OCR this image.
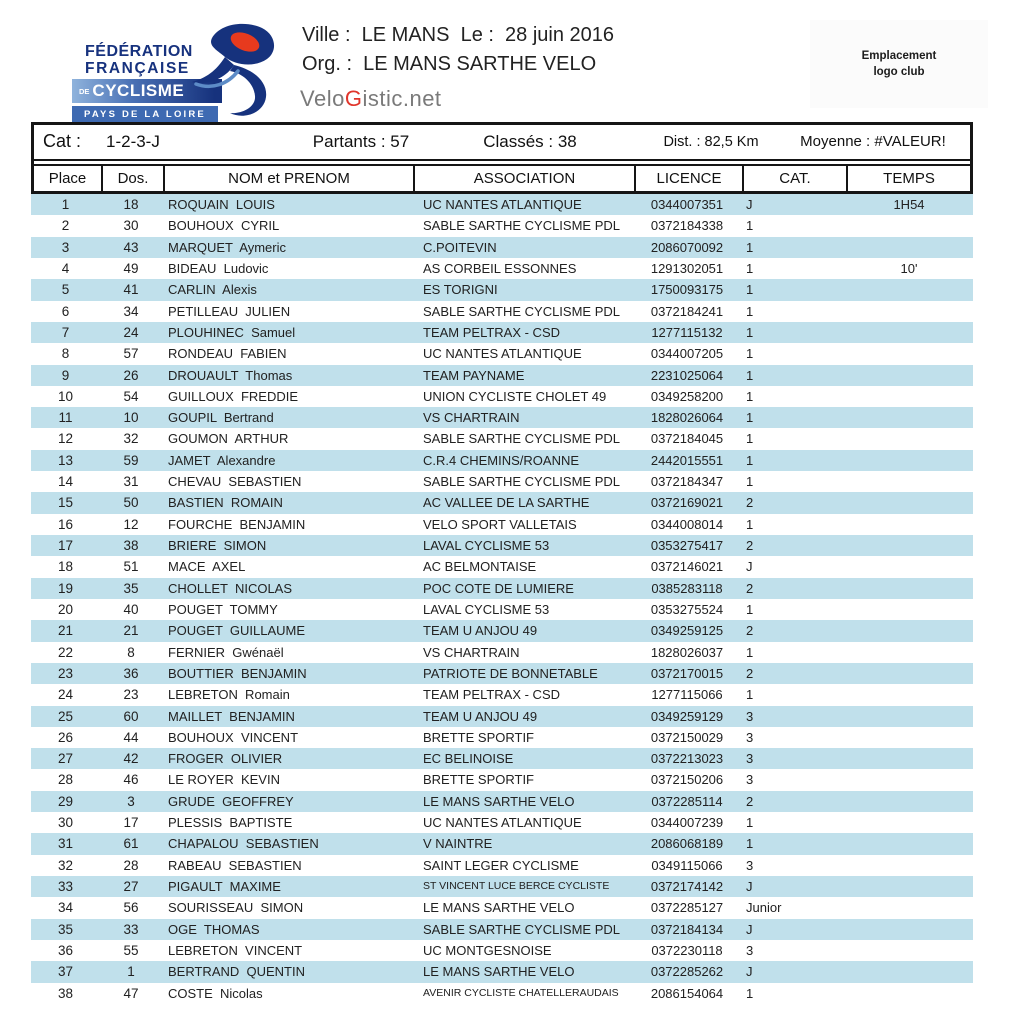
FÉDÉRATION
FRANÇAISE
DE CYCLISME
PAYS DE LA LOIRE
Ville :  LE MANS  Le :  28 juin 2016
Org. :  LE MANS SARTHE VELO
VeloGistic.net
Emplacement
logo club
Cat : 1-2-3-J	Partants : 57	Classés : 38	Dist. : 82,5 Km	Moyenne : #VALEUR!
Place	Dos.	NOM et PRENOM	ASSOCIATION	LICENCE	CAT.	TEMPS
1	18	ROQUAIN  LOUIS	UC NANTES ATLANTIQUE	0344007351	J	1H54
2	30	BOUHOUX  CYRIL	SABLE SARTHE CYCLISME PDL	0372184338	1
3	43	MARQUET  Aymeric	C.POITEVIN	2086070092	1
4	49	BIDEAU  Ludovic	AS CORBEIL ESSONNES	1291302051	1	10'
5	41	CARLIN  Alexis	ES TORIGNI	1750093175	1
6	34	PETILLEAU  JULIEN	SABLE SARTHE CYCLISME PDL	0372184241	1
7	24	PLOUHINEC  Samuel	TEAM PELTRAX - CSD	1277115132	1
8	57	RONDEAU  FABIEN	UC NANTES ATLANTIQUE	0344007205	1
9	26	DROUAULT  Thomas	TEAM PAYNAME	2231025064	1
10	54	GUILLOUX  FREDDIE	UNION CYCLISTE CHOLET 49	0349258200	1
11	10	GOUPIL  Bertrand	VS CHARTRAIN	1828026064	1
12	32	GOUMON  ARTHUR	SABLE SARTHE CYCLISME PDL	0372184045	1
13	59	JAMET  Alexandre	C.R.4 CHEMINS/ROANNE	2442015551	1
14	31	CHEVAU  SEBASTIEN	SABLE SARTHE CYCLISME PDL	0372184347	1
15	50	BASTIEN  ROMAIN	AC VALLEE DE LA SARTHE	0372169021	2
16	12	FOURCHE  BENJAMIN	VELO SPORT VALLETAIS	0344008014	1
17	38	BRIERE  SIMON	LAVAL CYCLISME 53	0353275417	2
18	51	MACE  AXEL	AC BELMONTAISE	0372146021	J
19	35	CHOLLET  NICOLAS	POC COTE DE LUMIERE	0385283118	2
20	40	POUGET  TOMMY	LAVAL CYCLISME 53	0353275524	1
21	21	POUGET  GUILLAUME	TEAM U ANJOU 49	0349259125	2
22	8	FERNIER  Gwénaël	VS CHARTRAIN	1828026037	1
23	36	BOUTTIER  BENJAMIN	PATRIOTE DE BONNETABLE	0372170015	2
24	23	LEBRETON  Romain	TEAM PELTRAX - CSD	1277115066	1
25	60	MAILLET  BENJAMIN	TEAM U ANJOU 49	0349259129	3
26	44	BOUHOUX  VINCENT	BRETTE SPORTIF	0372150029	3
27	42	FROGER  OLIVIER	EC BELINOISE	0372213023	3
28	46	LE ROYER  KEVIN	BRETTE SPORTIF	0372150206	3
29	3	GRUDE  GEOFFREY	LE MANS SARTHE VELO	0372285114	2
30	17	PLESSIS  BAPTISTE	UC NANTES ATLANTIQUE	0344007239	1
31	61	CHAPALOU  SEBASTIEN	V NAINTRE	2086068189	1
32	28	RABEAU  SEBASTIEN	SAINT LEGER CYCLISME	0349115066	3
33	27	PIGAULT  MAXIME	ST VINCENT LUCE BERCE CYCLISTE	0372174142	J
34	56	SOURISSEAU  SIMON	LE MANS SARTHE VELO	0372285127	Junior
35	33	OGE  THOMAS	SABLE SARTHE CYCLISME PDL	0372184134	J
36	55	LEBRETON  VINCENT	UC MONTGESNOISE	0372230118	3
37	1	BERTRAND  QUENTIN	LE MANS SARTHE VELO	0372285262	J
38	47	COSTE  Nicolas	AVENIR CYCLISTE CHATELLERAUDAIS	2086154064	1
